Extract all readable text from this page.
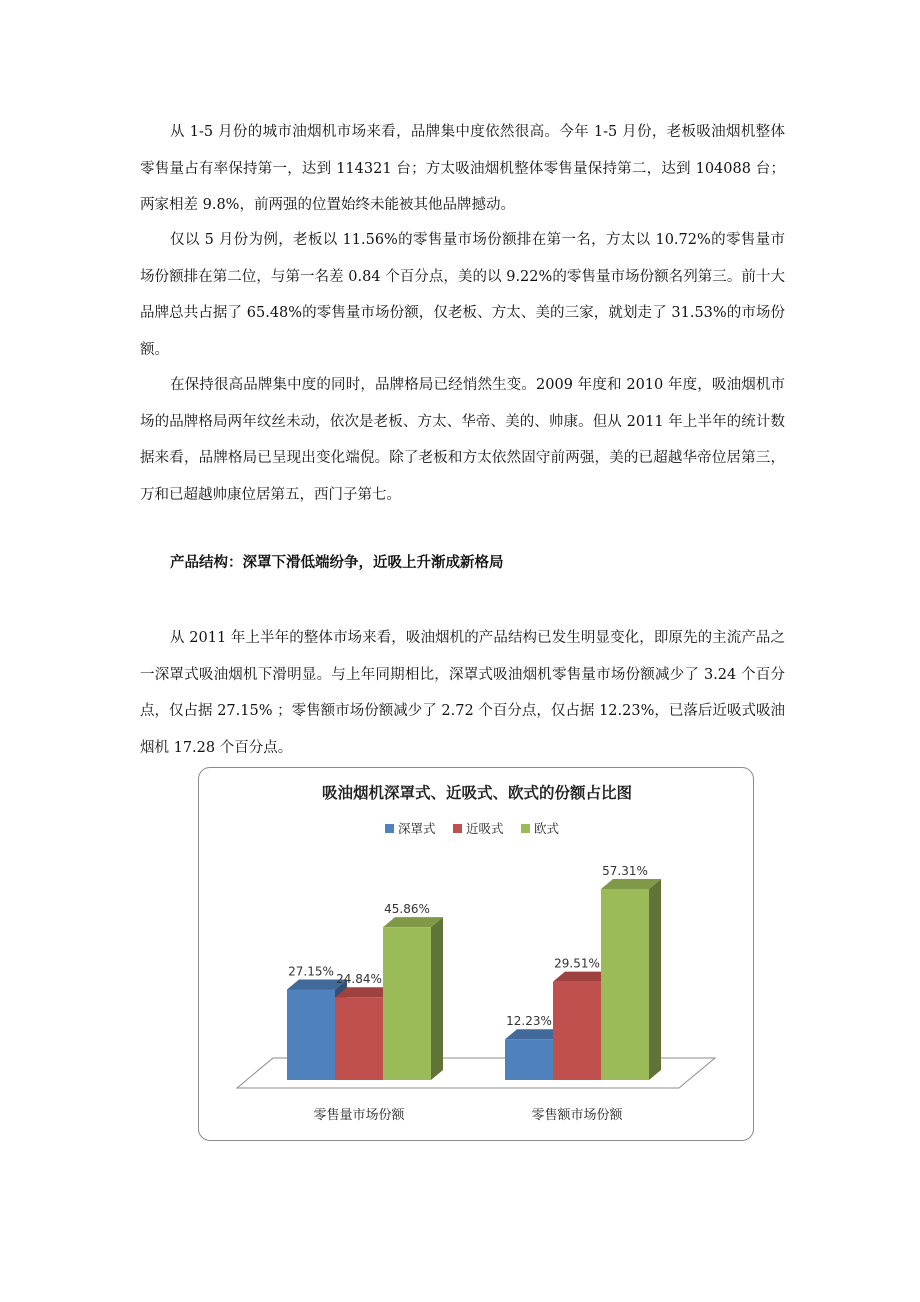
从 1-5 月份的城市油烟机市场来看，品牌集中度依然很高。今年 1-5 月份，老板吸油烟机整体零售量占有率保持第一，达到 114321 台；方太吸油烟机整体零售量保持第二，达到 104088 台；两家相差 9.8%，前两强的位置始终未能被其他品牌撼动。

仅以 5 月份为例，老板以 11.56%的零售量市场份额排在第一名，方太以 10.72%的零售量市场份额排在第二位，与第一名差 0.84 个百分点，美的以 9.22%的零售量市场份额名列第三。前十大品牌总共占据了 65.48%的零售量市场份额，仅老板、方太、美的三家，就划走了 31.53%的市场份额。

在保持很高品牌集中度的同时，品牌格局已经悄然生变。2009 年度和 2010 年度，吸油烟机市场的品牌格局两年纹丝未动，依次是老板、方太、华帝、美的、帅康。但从 2011 年上半年的统计数据来看，品牌格局已呈现出变化端倪。除了老板和方太依然固守前两强，美的已超越华帝位居第三，万和已超越帅康位居第五，西门子第七。

产品结构：深罩下滑低端纷争，近吸上升渐成新格局

从 2011 年上半年的整体市场来看，吸油烟机的产品结构已发生明显变化，即原先的主流产品之一深罩式吸油烟机下滑明显。与上年同期相比，深罩式吸油烟机零售量市场份额减少了 3.24 个百分点，仅占据 27.15% ；零售额市场份额减少了 2.72 个百分点，仅占据 12.23%，已落后近吸式吸油烟机 17.28 个百分点。

吸油烟机深罩式、近吸式、欧式的份额占比图
深罩式 近吸式 欧式
27.15%
24.84%
45.86%
零售量市场份额
12.23%
29.51%
57.31%
零售额市场份额
